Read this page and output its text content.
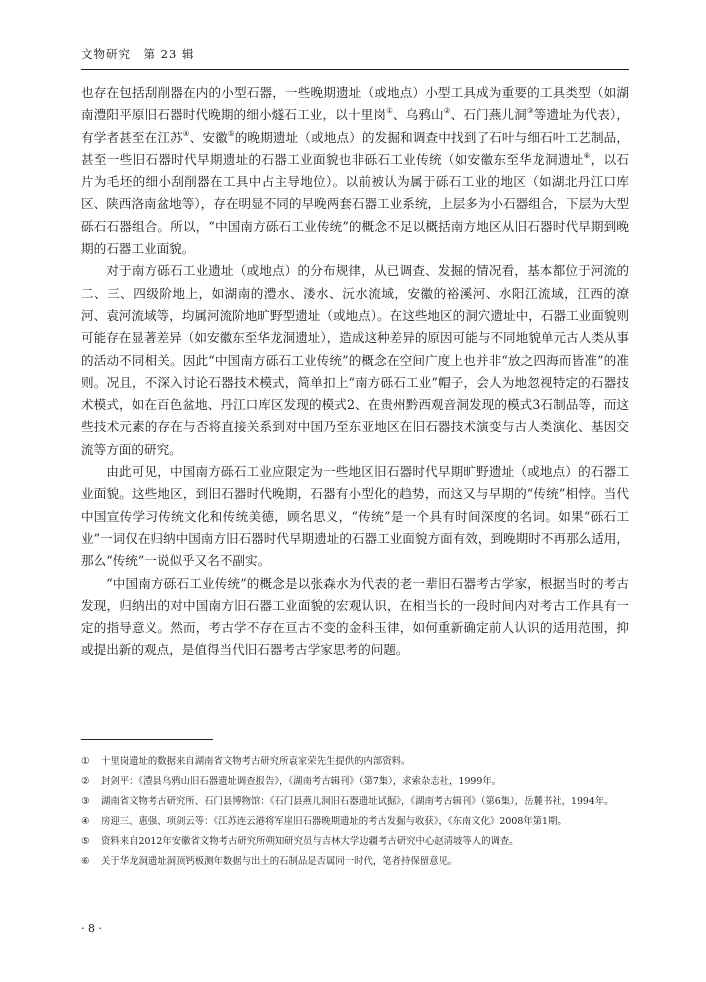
文物研究　第 23 辑

也存在包括刮削器在内的小型石器，一些晚期遗址（或地点）小型工具成为重要的工具类型（如湖南澧阳平原旧石器时代晚期的细小燧石工业，以十里岗①、乌鸦山②、石门燕儿洞③等遗址为代表），有学者甚至在江苏④、安徽⑤的晚期遗址（或地点）的发掘和调查中找到了石叶与细石叶工艺制品，甚至一些旧石器时代早期遗址的石器工业面貌也非砾石工业传统（如安徽东至华龙洞遗址⑥，以石片为毛坯的细小刮削器在工具中占主导地位）。以前被认为属于砾石工业的地区（如湖北丹江口库区、陕西洛南盆地等），存在明显不同的早晚两套石器工业系统，上层多为小石器组合，下层为大型砾石石器组合。所以，“中国南方砾石工业传统”的概念不足以概括南方地区从旧石器时代早期到晚期的石器工业面貌。

对于南方砾石工业遗址（或地点）的分布规律，从已调查、发掘的情况看，基本都位于河流的二、三、四级阶地上，如湖南的澧水、溇水、沅水流域，安徽的裕溪河、水阳江流域，江西的潦河、袁河流域等，均属河流阶地旷野型遗址（或地点）。在这些地区的洞穴遗址中，石器工业面貌则可能存在显著差异（如安徽东至华龙洞遗址），造成这种差异的原因可能与不同地貌单元古人类从事的活动不同相关。因此“中国南方砾石工业传统”的概念在空间广度上也并非“放之四海而皆准”的准则。况且，不深入讨论石器技术模式，简单扣上“南方砾石工业”帽子，会人为地忽视特定的石器技术模式，如在百色盆地、丹江口库区发现的模式2、在贵州黔西观音洞发现的模式3石制品等，而这些技术元素的存在与否将直接关系到对中国乃至东亚地区在旧石器技术演变与古人类演化、基因交流等方面的研究。

由此可见，中国南方砾石工业应限定为一些地区旧石器时代早期旷野遗址（或地点）的石器工业面貌。这些地区，到旧石器时代晚期，石器有小型化的趋势，而这又与早期的“传统”相悖。当代中国宣传学习传统文化和传统美德，顾名思义，“传统”是一个具有时间深度的名词。如果“砾石工业”一词仅在归纳中国南方旧石器时代早期遗址的石器工业面貌方面有效，到晚期时不再那么适用，那么“传统”一说似乎又名不副实。

“中国南方砾石工业传统”的概念是以张森水为代表的老一辈旧石器考古学家，根据当时的考古发现，归纳出的对中国南方旧石器工业面貌的宏观认识，在相当长的一段时间内对考古工作具有一定的指导意义。然而，考古学不存在亘古不变的金科玉律，如何重新确定前人认识的适用范围，抑或提出新的观点，是值得当代旧石器考古学家思考的问题。

① 十里岗遗址的数据来自湖南省文物考古研究所袁家荣先生提供的内部资料。
② 封剑平：《澧县乌鸦山旧石器遗址调查报告》，《湖南考古辑刊》（第7集），求索杂志社，1999年。
③ 湖南省文物考古研究所、石门县博物馆：《石门县燕儿洞旧石器遗址试掘》，《湖南考古辑刊》（第6集），岳麓书社，1994年。
④ 房迎三、惠强、项剑云等：《江苏连云港将军崖旧石器晚期遗址的考古发掘与收获》，《东南文化》2008年第1期。
⑤ 资料来自2012年安徽省文物考古研究所朔知研究员与吉林大学边疆考古研究中心赵清坡等人的调查。
⑥ 关于华龙洞遗址洞顶钙板测年数据与出土的石制品是否属同一时代，笔者持保留意见。
· 8 ·
